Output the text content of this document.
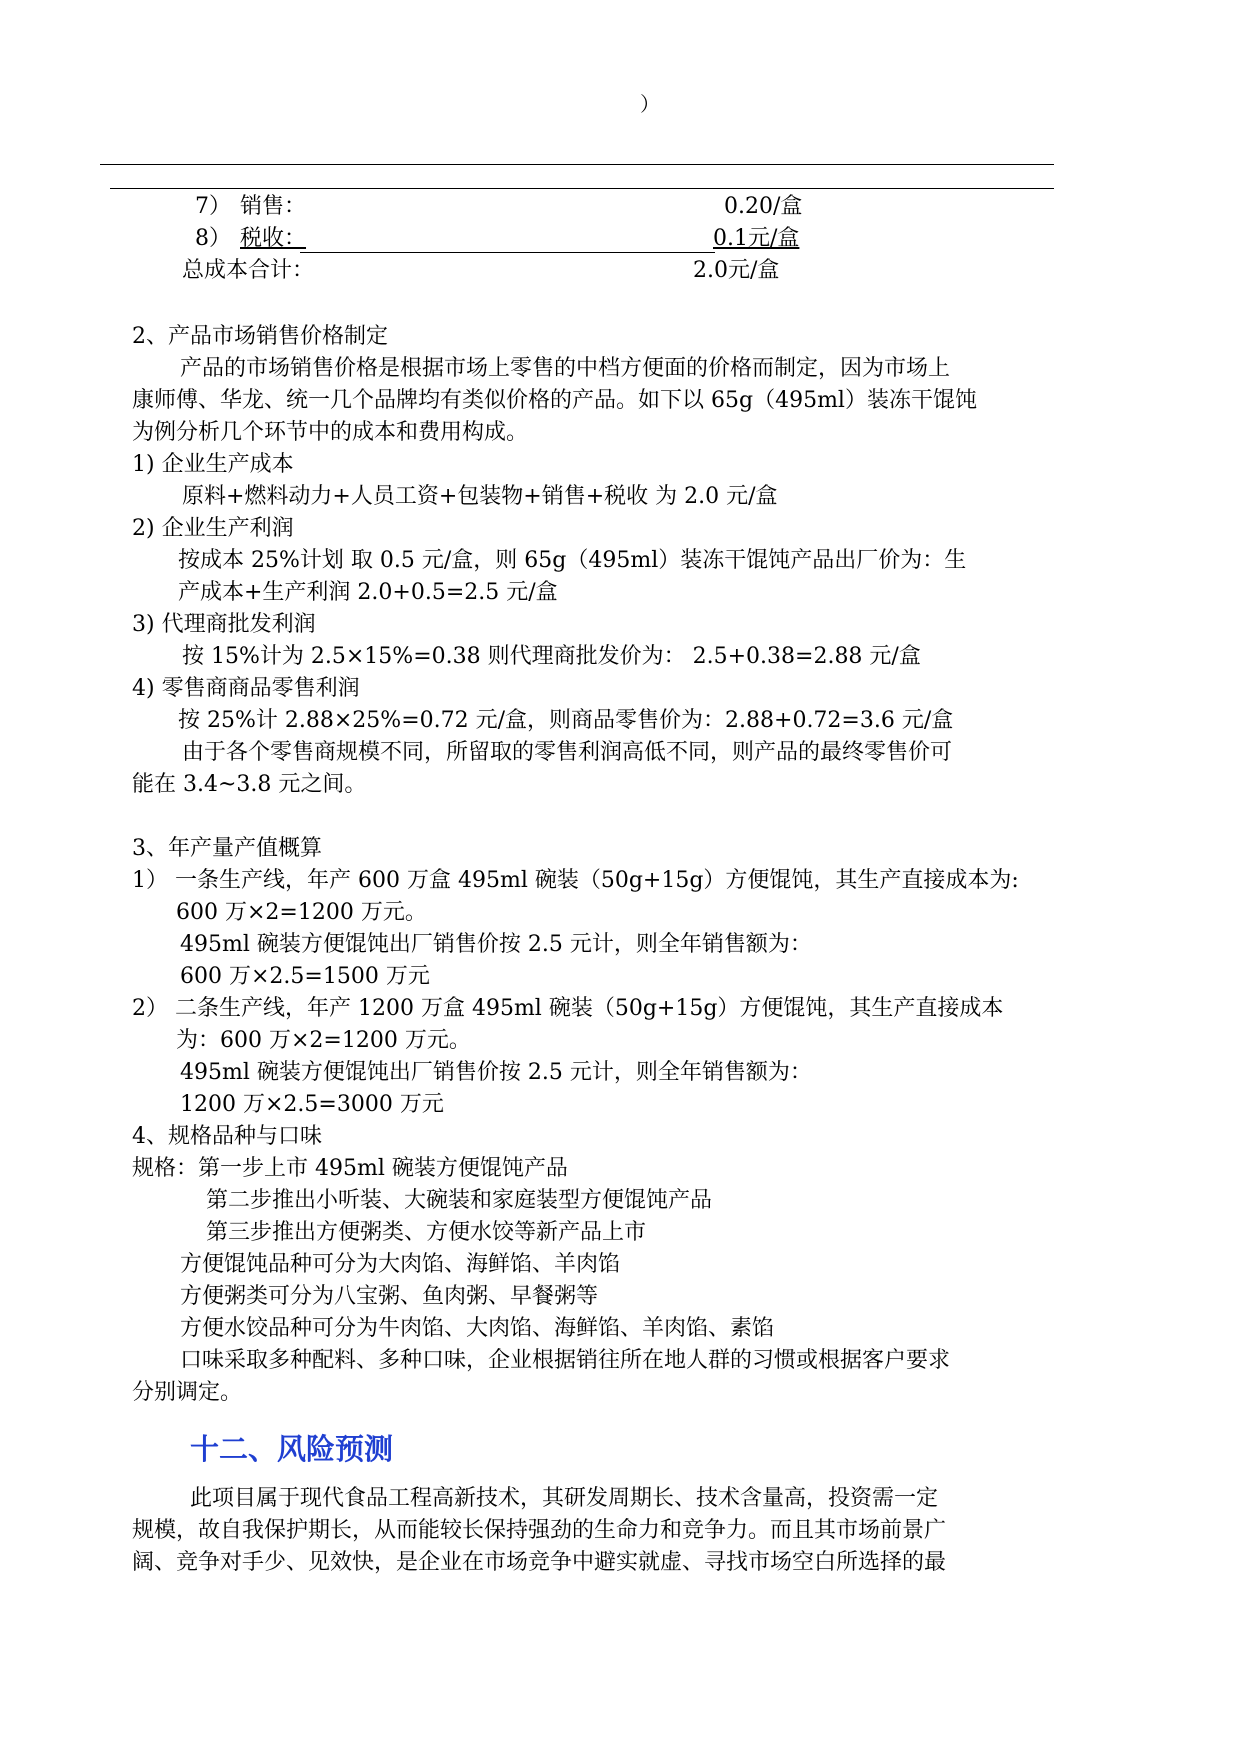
）
7） 销售：	0.20/盒
8） 税收：	0.1元/盒
总成本合计：	2.0元/盒
2、产品市场销售价格制定
产品的市场销售价格是根据市场上零售的中档方便面的价格而制定，因为市场上
康师傅、华龙、统一几个品牌均有类似价格的产品。如下以 65g（495ml）装冻干馄饨
为例分析几个环节中的成本和费用构成。
1) 企业生产成本
原料+燃料动力+人员工资+包装物+销售+税收 为 2.0 元/盒
2) 企业生产利润
按成本 25%计划 取 0.5 元/盒，则 65g（495ml）装冻干馄饨产品出厂价为：生
产成本+生产利润 2.0+0.5=2.5 元/盒
3) 代理商批发利润
按 15%计为 2.5×15%=0.38 则代理商批发价为： 2.5+0.38=2.88 元/盒
4) 零售商商品零售利润
按 25%计 2.88×25%=0.72 元/盒，则商品零售价为：2.88+0.72=3.6 元/盒
由于各个零售商规模不同，所留取的零售利润高低不同，则产品的最终零售价可
能在 3.4~3.8 元之间。
3、年产量产值概算
1） 一条生产线，年产 600 万盒 495ml 碗装（50g+15g）方便馄饨，其生产直接成本为:
600 万×2=1200 万元。
495ml 碗装方便馄饨出厂销售价按 2.5 元计，则全年销售额为：
600 万×2.5=1500 万元
2） 二条生产线，年产 1200 万盒 495ml 碗装（50g+15g）方便馄饨，其生产直接成本
为：600 万×2=1200 万元。
495ml 碗装方便馄饨出厂销售价按 2.5 元计，则全年销售额为：
1200 万×2.5=3000 万元
4、规格品种与口味
规格：第一步上市 495ml 碗装方便馄饨产品
第二步推出小听装、大碗装和家庭装型方便馄饨产品
第三步推出方便粥类、方便水饺等新产品上市
方便馄饨品种可分为大肉馅、海鲜馅、羊肉馅
方便粥类可分为八宝粥、鱼肉粥、早餐粥等
方便水饺品种可分为牛肉馅、大肉馅、海鲜馅、羊肉馅、素馅
口味采取多种配料、多种口味，企业根据销往所在地人群的习惯或根据客户要求
分别调定。
十二、风险预测
此项目属于现代食品工程高新技术，其研发周期长、技术含量高，投资需一定
规模，故自我保护期长，从而能较长保持强劲的生命力和竞争力。而且其市场前景广
阔、竞争对手少、见效快，是企业在市场竞争中避实就虚、寻找市场空白所选择的最
